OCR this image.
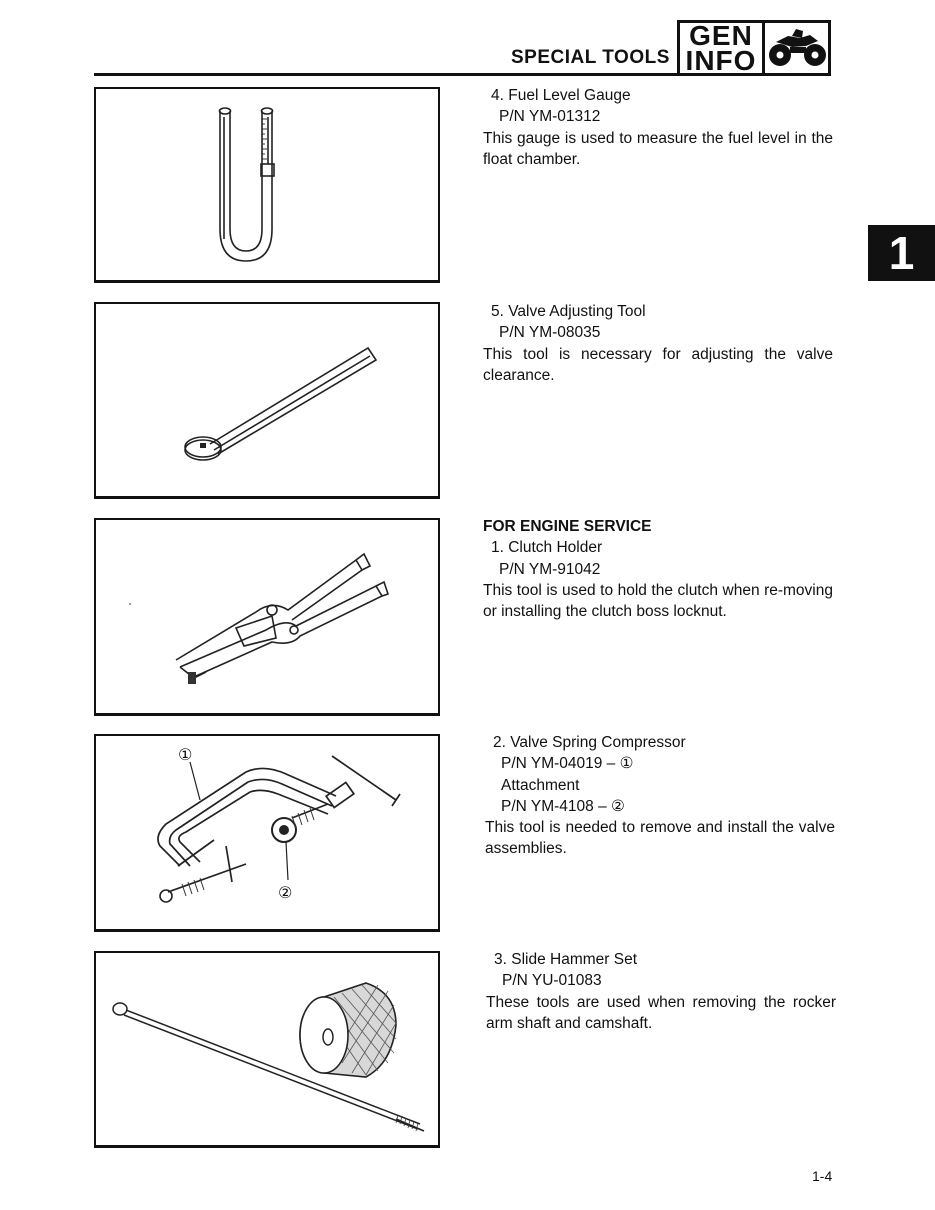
SPECIAL TOOLS
GEN
INFO
1
①
②

4. Fuel Level Gauge

P/N YM-01312

This gauge is used to measure the fuel level in the float chamber.

5. Valve Adjusting Tool

P/N YM-08035

This tool is necessary for adjusting the valve clearance.

FOR ENGINE SERVICE

1. Clutch Holder

P/N YM-91042

This tool is used to hold the clutch when re-moving or installing the clutch boss locknut.

2. Valve Spring Compressor

P/N YM-04019 – ①

Attachment

P/N YM-4108 – ②

This tool is needed to remove and install the valve assemblies.

3. Slide Hammer Set

P/N YU-01083

These tools are used when removing the rocker arm shaft and camshaft.

1-4
